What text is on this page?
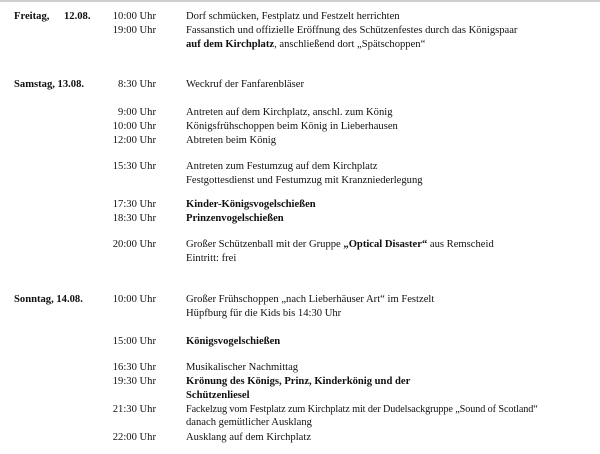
Freitag, 12.08.	10:00 Uhr	Dorf schmücken, Festplatz und Festzelt herrichten
19:00 Uhr	Fassanstich und offizielle Eröffnung des Schützenfestes durch das Königspaar
auf dem Kirchplatz, anschließend dort „Spätschoppen“
Samstag, 13.08.	8:30 Uhr	Weckruf der Fanfarenbläser
9:00 Uhr	Antreten auf dem Kirchplatz, anschl. zum König
10:00 Uhr	Königsfrühschoppen beim König in Lieberhausen
12:00 Uhr	Abtreten beim König
15:30 Uhr	Antreten zum Festumzug auf dem Kirchplatz
Festgottesdienst und Festumzug mit Kranzniederlegung
17:30 Uhr	Kinder-Königsvogelschießen
18:30 Uhr	Prinzenvogelschießen
20:00 Uhr	Großer Schützenball mit der Gruppe „Optical Disaster“ aus Remscheid
Eintritt: frei
Sonntag, 14.08.	10:00 Uhr	Großer Frühschoppen „nach Lieberhäuser Art“ im Festzelt
Hüpfburg für die Kids bis 14:30 Uhr
15:00 Uhr	Königsvogelschießen
16:30 Uhr	Musikalischer Nachmittag
19:30 Uhr	Krönung des Königs, Prinz, Kinderkönig und der
Schützenliesel
21:30 Uhr	Fackelzug vom Festplatz zum Kirchplatz mit der Dudelsackgruppe „Sound of Scotland“
danach gemütlicher Ausklang
22:00 Uhr	Ausklang auf dem Kirchplatz
